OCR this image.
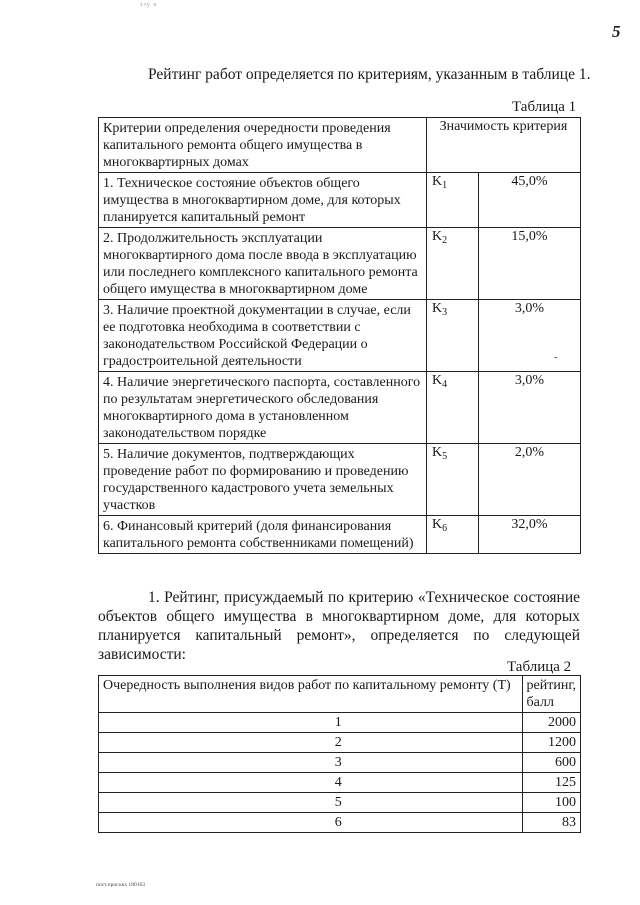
ззу я
5
Рейтинг работ определяется по критериям, указанным в таблице 1.
Таблица 1
Критерии определения очередности проведения капитального ремонта общего имущества в многоквартирных домах	Значимость критерия	
1. Техническое состояние объектов общего имущества в многоквартирном доме, для которых планируется капитальный ремонт	$K_1$	45,0%
2. Продолжительность эксплуатации многоквартирного дома после ввода в эксплуатацию или последнего комплексного капитального ремонта общего имущества в многоквартирном доме	$K_2$	15,0%
3. Наличие проектной документации в случае, если ее подготовка необходима в соответствии с законодательством Российской Федерации о градостроительной деятельности	$K_3$	3,0%
4. Наличие энергетического паспорта, составленного по результатам энергетического обследования многоквартирного дома в установленном законодательством порядке	$K_4$	3,0%
5. Наличие документов, подтверждающих проведение работ по формированию и проведению государственного кадастрового учета земельных участков	$K_5$	2,0%
6. Финансовый критерий (доля финансирования капитального ремонта собственниками помещений)	$K_6$	32,0%
-
1. Рейтинг, присуждаемый по критерию «Техническое состояние объектов общего имущества в многоквартирном доме, для которых планируется капитальный ремонт», определяется по следующей зависимости:
Таблица 2
Очередность выполнения видов работ по капитальному ремонту (Т)	рейтинг, балл
1	2000
2	1200
3	600
4	125
5	100
6	83
пост.прог.ккх 180163
